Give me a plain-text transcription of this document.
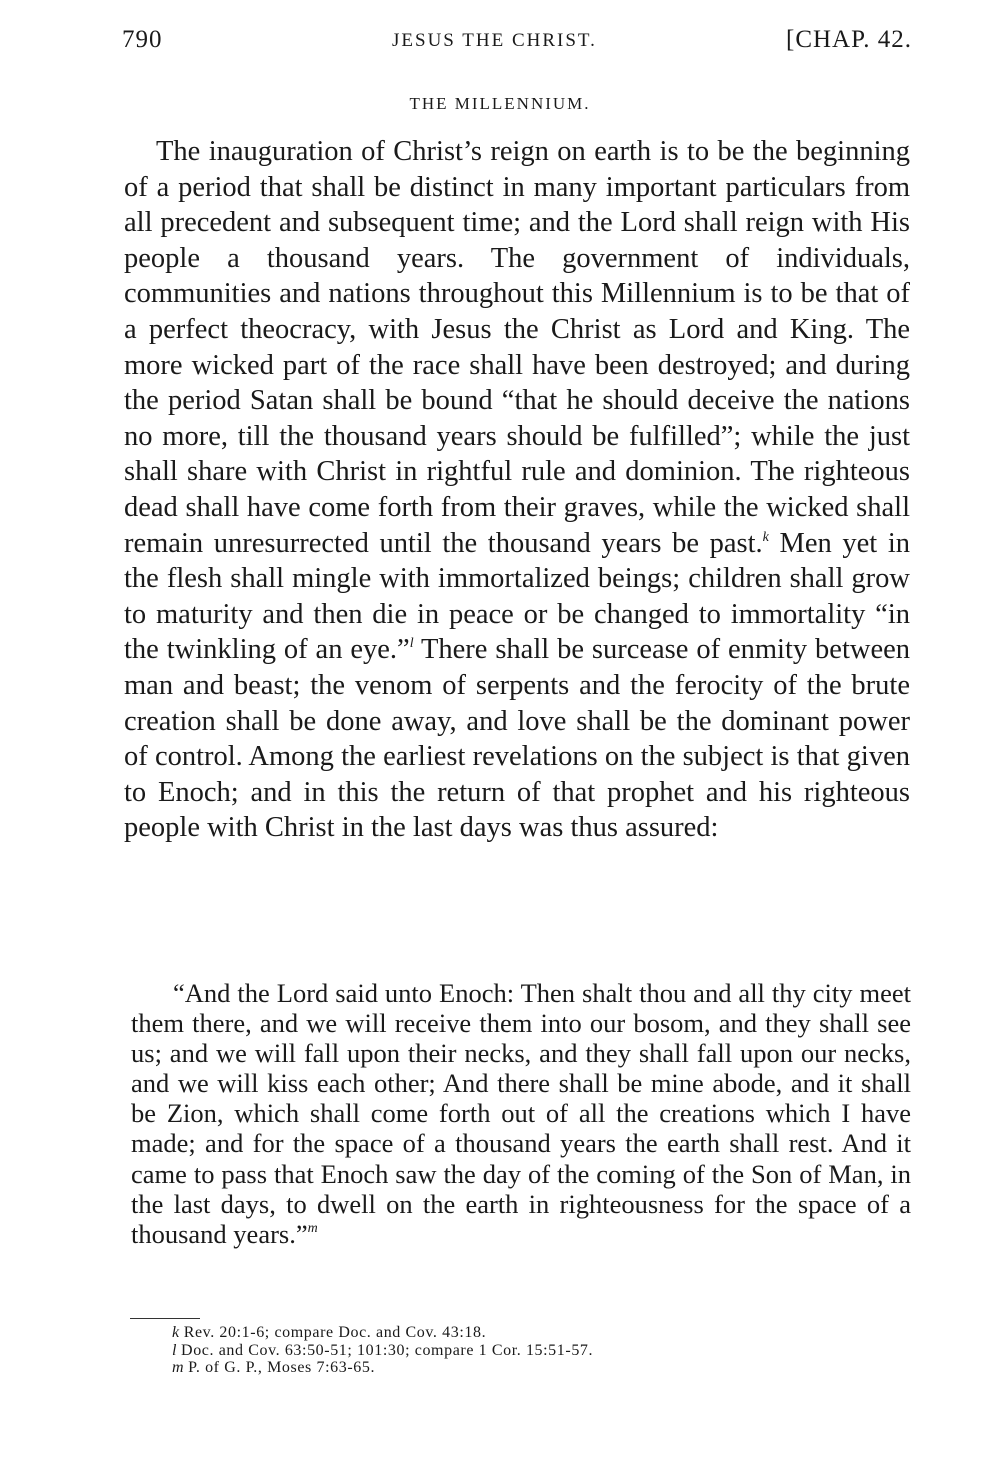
790	JESUS THE CHRIST.	[CHAP. 42.
THE MILLENNIUM.

The inauguration of Christ’s reign on earth is to be the beginning of a period that shall be distinct in many important particulars from all precedent and subsequent time; and the Lord shall reign with His people a thousand years. The government of individuals, communities and nations throughout this Millennium is to be that of a perfect theocracy, with Jesus the Christ as Lord and King. The more wicked part of the race shall have been destroyed; and during the period Satan shall be bound “that he should deceive the nations no more, till the thousand years should be fulfilled”; while the just shall share with Christ in rightful rule and dominion. The righteous dead shall have come forth from their graves, while the wicked shall remain unresurrected until the thousand years be past.$^k$ Men yet in the flesh shall mingle with immortalized beings; children shall grow to maturity and then die in peace or be changed to immortality “in the twinkling of an eye.”$^l$ There shall be surcease of enmity between man and beast; the venom of serpents and the ferocity of the brute creation shall be done away, and love shall be the dominant power of control. Among the earliest revelations on the subject is that given to Enoch; and in this the return of that prophet and his righteous people with Christ in the last days was thus assured:

“And the Lord said unto Enoch: Then shalt thou and all thy city meet them there, and we will receive them into our bosom, and they shall see us; and we will fall upon their necks, and they shall fall upon our necks, and we will kiss each other; And there shall be mine abode, and it shall be Zion, which shall come forth out of all the creations which I have made; and for the space of a thousand years the earth shall rest. And it came to pass that Enoch saw the day of the coming of the Son of Man, in the last days, to dwell on the earth in righteousness for the space of a thousand years.”$^m$

k Rev. 20:1-6; compare Doc. and Cov. 43:18.
l Doc. and Cov. 63:50-51; 101:30; compare 1 Cor. 15:51-57.
m P. of G. P., Moses 7:63-65.
